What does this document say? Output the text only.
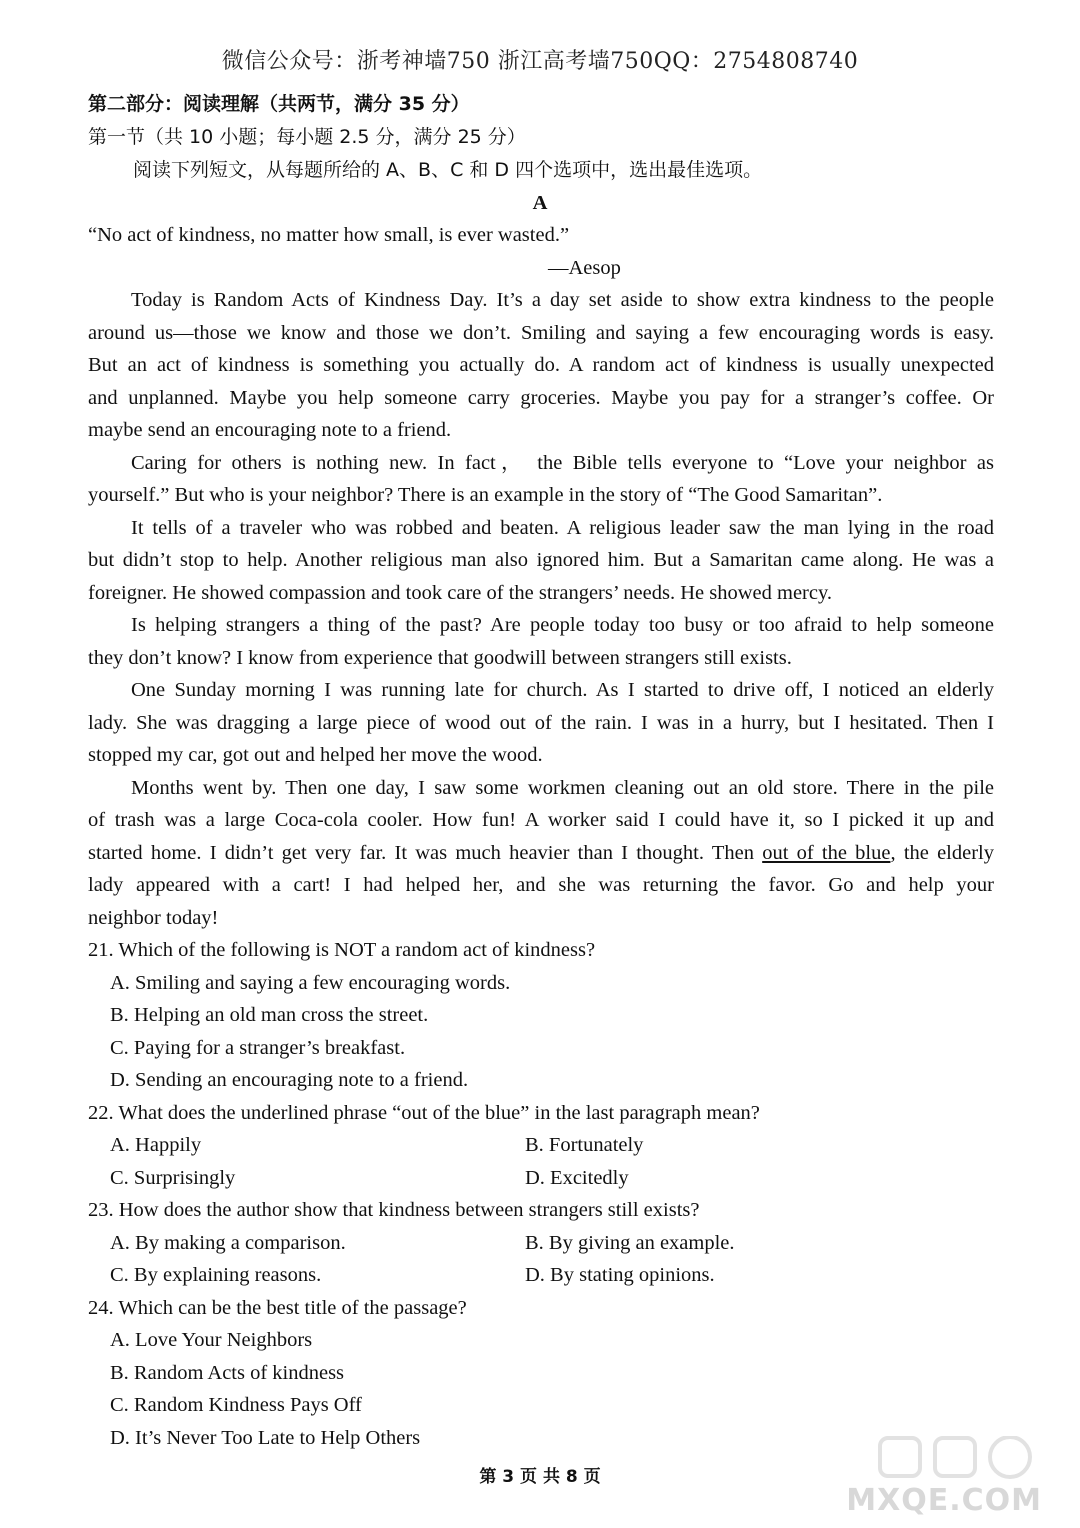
微信公众号：浙考神墙750 浙江高考墙750QQ：2754808740
第二部分：阅读理解（共两节，满分 35 分）
第一节（共 10 小题；每小题 2.5 分，满分 25 分）
阅读下列短文，从每题所给的 A、B、C 和 D 四个选项中，选出最佳选项。
A
“No act of kindness, no matter how small, is ever wasted.”
—Aesop
Today is Random Acts of Kindness Day. It’s a day set aside to show extra kindness to the people
around us—those we know and those we don’t. Smiling and saying a few encouraging words is easy.
But an act of kindness is something you actually do. A random act of kindness is usually unexpected
and unplanned. Maybe you help someone carry groceries. Maybe you pay for a stranger’s coffee. Or
maybe send an encouraging note to a friend.
Caring for others is nothing new. In fact， the Bible tells everyone to “Love your neighbor as
yourself.” But who is your neighbor? There is an example in the story of “The Good Samaritan”.
It tells of a traveler who was robbed and beaten. A religious leader saw the man lying in the road
but didn’t stop to help. Another religious man also ignored him. But a Samaritan came along. He was a
foreigner. He showed compassion and took care of the strangers’ needs. He showed mercy.
Is helping strangers a thing of the past? Are people today too busy or too afraid to help someone
they don’t know? I know from experience that goodwill between strangers still exists.
One Sunday morning I was running late for church. As I started to drive off, I noticed an elderly
lady. She was dragging a large piece of wood out of the rain. I was in a hurry, but I hesitated. Then I
stopped my car, got out and helped her move the wood.
Months went by. Then one day, I saw some workmen cleaning out an old store. There in the pile
of trash was a large Coca-cola cooler. How fun! A worker said I could have it, so I picked it up and
started home. I didn’t get very far. It was much heavier than I thought. Then out of the blue, the elderly
lady appeared with a cart! I had helped her, and she was returning the favor. Go and help your
neighbor today!
21. Which of the following is NOT a random act of kindness?
A. Smiling and saying a few encouraging words.
B. Helping an old man cross the street.
C. Paying for a stranger’s breakfast.
D. Sending an encouraging note to a friend.
22. What does the underlined phrase “out of the blue” in the last paragraph mean?
A. Happily	B. Fortunately
C. Surprisingly	D. Excitedly
23. How does the author show that kindness between strangers still exists?
A. By making a comparison.	B. By giving an example.
C. By explaining reasons.	D. By stating opinions.
24. Which can be the best title of the passage?
A. Love Your Neighbors
B. Random Acts of kindness
C. Random Kindness Pays Off
D. It’s Never Too Late to Help Others
第 3 页 共 8 页
MXQE.COM
